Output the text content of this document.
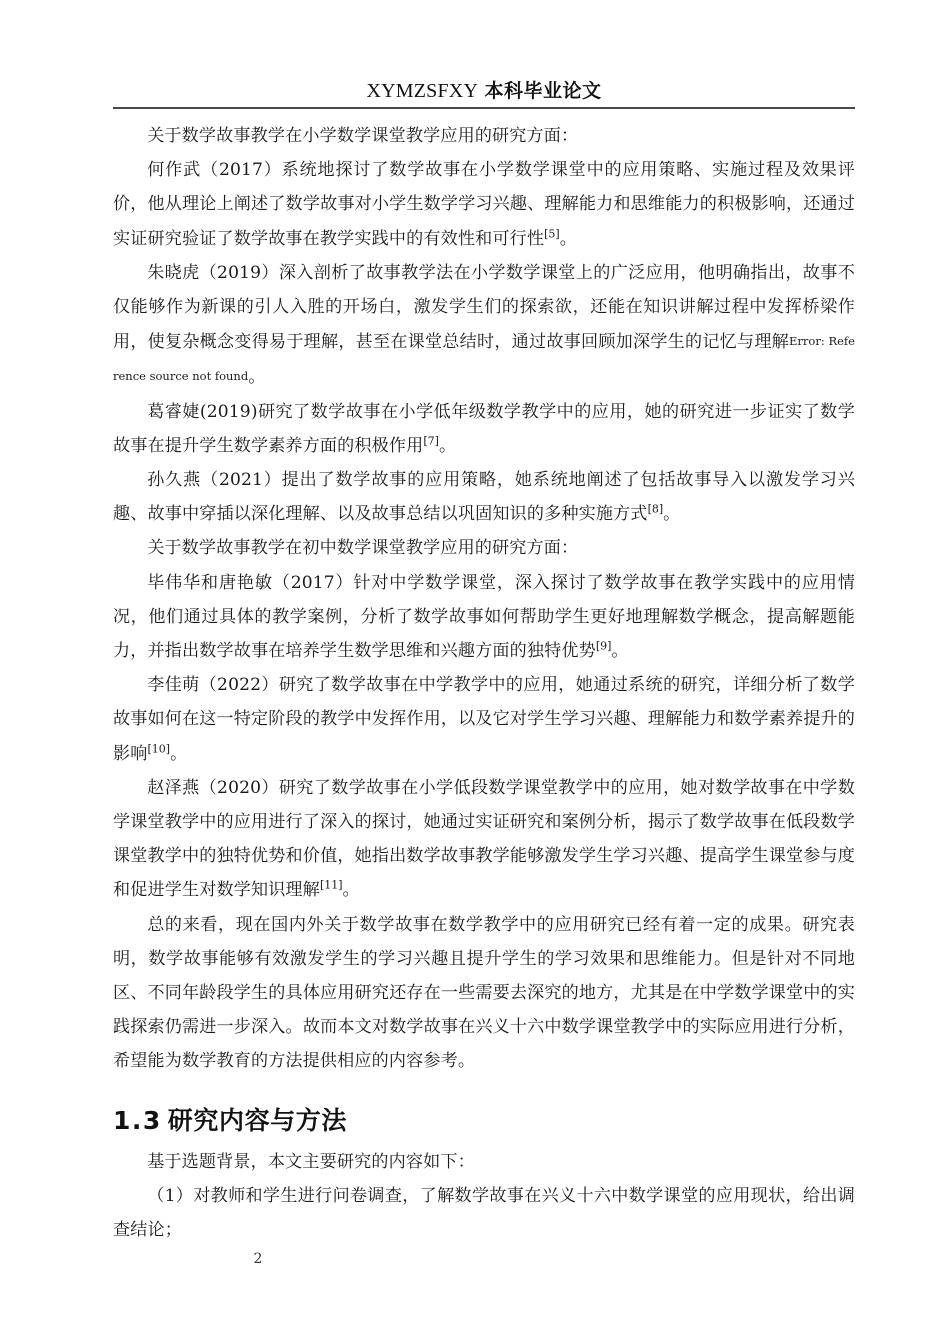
XYMZSFXY 本科毕业论文

关于数学故事教学在小学数学课堂教学应用的研究方面：

何作武（2017）系统地探讨了数学故事在小学数学课堂中的应用策略、实施过程及效果评价，他从理论上阐述了数学故事对小学生数学学习兴趣、理解能力和思维能力的积极影响，还通过实证研究验证了数学故事在教学实践中的有效性和可行性[5]。

朱晓虎（2019）深入剖析了故事教学法在小学数学课堂上的广泛应用，他明确指出，故事不仅能够作为新课的引人入胜的开场白，激发学生们的探索欲，还能在知识讲解过程中发挥桥梁作用，使复杂概念变得易于理解，甚至在课堂总结时，通过故事回顾加深学生的记忆与理解Error: Reference source not found。

葛睿婕(2019)研究了数学故事在小学低年级数学教学中的应用，她的研究进一步证实了数学故事在提升学生数学素养方面的积极作用[7]。

孙久燕（2021）提出了数学故事的应用策略，她系统地阐述了包括故事导入以激发学习兴趣、故事中穿插以深化理解、以及故事总结以巩固知识的多种实施方式[8]。

关于数学故事教学在初中数学课堂教学应用的研究方面：

毕伟华和唐艳敏（2017）针对中学数学课堂，深入探讨了数学故事在教学实践中的应用情况，他们通过具体的教学案例，分析了数学故事如何帮助学生更好地理解数学概念，提高解题能力，并指出数学故事在培养学生数学思维和兴趣方面的独特优势[9]。

李佳萌（2022）研究了数学故事在中学教学中的应用，她通过系统的研究，详细分析了数学故事如何在这一特定阶段的教学中发挥作用，以及它对学生学习兴趣、理解能力和数学素养提升的影响[10]。

赵泽燕（2020）研究了数学故事在小学低段数学课堂教学中的应用，她对数学故事在中学数学课堂教学中的应用进行了深入的探讨，她通过实证研究和案例分析，揭示了数学故事在低段数学课堂教学中的独特优势和价值，她指出数学故事教学能够激发学生学习兴趣、提高学生课堂参与度和促进学生对数学知识理解[11]。

总的来看，现在国内外关于数学故事在数学教学中的应用研究已经有着一定的成果。研究表明，数学故事能够有效激发学生的学习兴趣且提升学生的学习效果和思维能力。但是针对不同地区、不同年龄段学生的具体应用研究还存在一些需要去深究的地方，尤其是在中学数学课堂中的实践探索仍需进一步深入。故而本文对数学故事在兴义十六中数学课堂教学中的实际应用进行分析，希望能为数学教育的方法提供相应的内容参考。

1.3 研究内容与方法

基于选题背景，本文主要研究的内容如下：

（1）对教师和学生进行问卷调查，了解数学故事在兴义十六中数学课堂的应用现状，给出调查结论；

2
